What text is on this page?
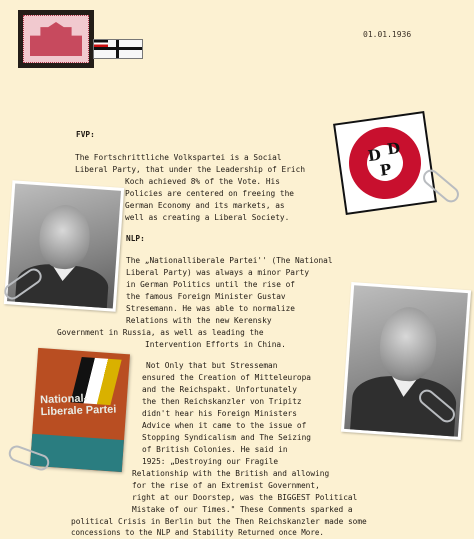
01.01.1936
FVP:
The Fortschrittliche Volkspartei is a Social
Liberal Party, that under the Leadership of Erich
Koch achieved 8% of the Vote. His
Policies are centered on freeing the
German Economy and its markets, as
well as creating a Liberal Society.
NLP:
The „Nationalliberale Partei'' (The National
Liberal Party) was always a minor Party
in German Politics until the rise of
the famous Foreign Minister Gustav
Stresemann. He was able to normalize
Relations with the new Kerensky
Government in Russia, as well as leading the
Intervention Efforts in China.
Not Only that but Stresseman
ensured the Creation of Mitteleuropa
and the Reichspakt. Unfortunately
the then Reichskanzler von Tripitz
didn't hear his Foreign Ministers
Advice when it came to the issue of
Stopping Syndicalism and The Seizing
of British Colonies. He said in
1925: „Destroying our Fragile
Relationship with the British and allowing
for the rise of an Extremist Government,
right at our Doorstep, was the BIGGEST Political
Mistake of our Times." These Comments sparked a
political Crisis in Berlin but the Then Reichskanzler made some
concessions to the NLP and Stability Returned once More.
D D
P
National-
Liberale Partei
